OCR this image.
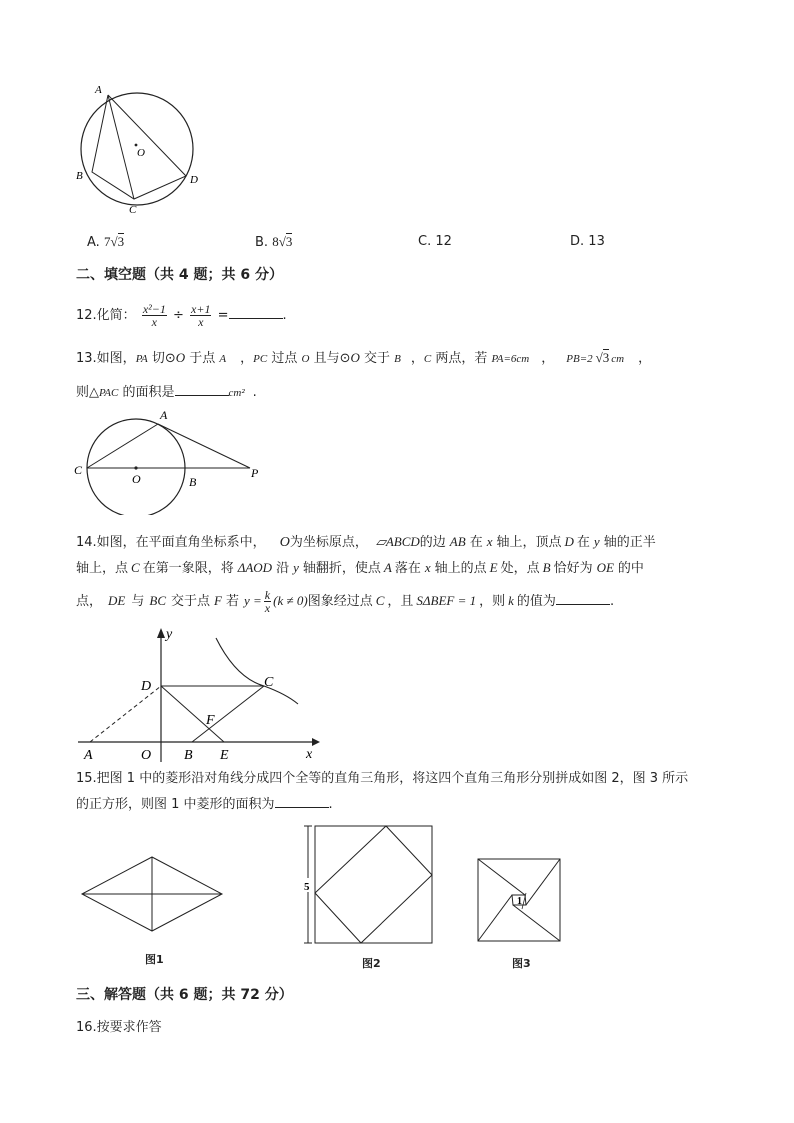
A
O
B
C
D
A. 7√3	B. 8√3	C. 12	D. 13
二、填空题（共 4 题；共 6 分）
12.化简： $\frac{\text{x²−1}}{x} \div \frac{x+1}{x}$ =	.
13.如图，PA 切⊙O 于点 A ，PC 过点 O 且与⊙O 交于 B ，C 两点，若 PA=6cm ， PB=2 √3 cm ，
则△PAC 的面积是	cm² .
A
C
O	B
P
14.如图，在平面直角坐标系中， O为坐标原点， ▱ABCD的边 AB 在 x 轴上，顶点 D 在 y 轴的正半
轴上，点 C 在第一象限，将 ΔAOD 沿 y 轴翻折，使点 A 落在 x 轴上的点 E 处，点 B 恰好为 OE 的中
点， DE 与 BC 交于点 F 若 $y = \frac{k}{x} (k \ne 0)$图象经过点 C ，且 SΔBEF = 1 ，则 k 的值为	.
y
D	C
F
A	O B E	x
15.把图 1 中的菱形沿对角线分成四个全等的直角三角形，将这四个直角三角形分别拼成如图 2，图 3 所示
的正方形，则图 1 中菱形的面积为	.
图1
5
图2
1
图3
三、解答题（共 6 题；共 72 分）
16.按要求作答
